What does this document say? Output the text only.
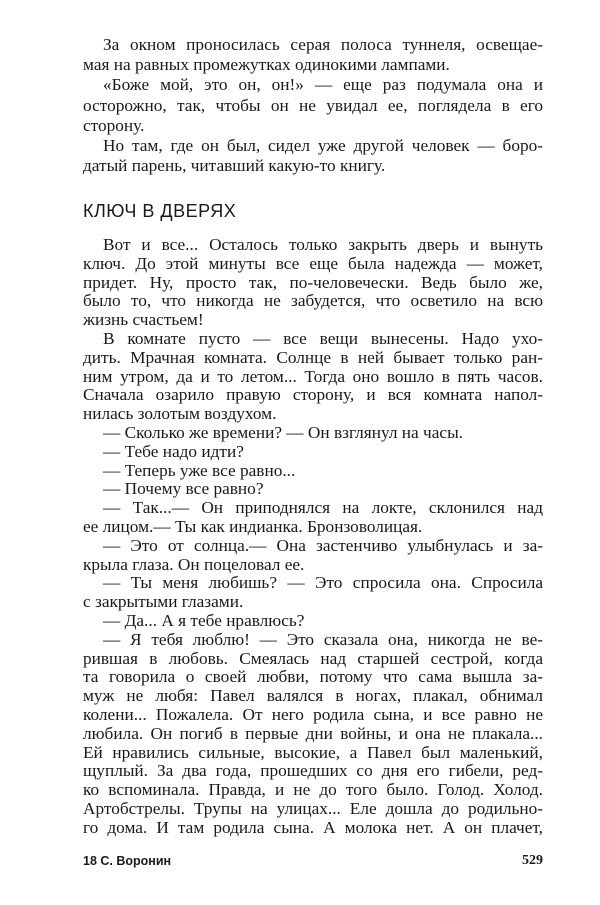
За окном проносилась серая полоса туннеля, освещае-
мая на равных промежутках одинокими лампами.
«Боже мой, это он, он!» — еще раз подумала она и
осторожно, так, чтобы он не увидал ее, поглядела в его
сторону.
Но там, где он был, сидел уже другой человек — боро-
датый парень, читавший какую-то книгу.
КЛЮЧ В ДВЕРЯХ
Вот и все... Осталось только закрыть дверь и вынуть
ключ. До этой минуты все еще была надежда — может,
придет. Ну, просто так, по-человечески. Ведь было же,
было то, что никогда не забудется, что осветило на всю
жизнь счастьем!
В комнате пусто — все вещи вынесены. Надо ухо-
дить. Мрачная комната. Солнце в ней бывает только ран-
ним утром, да и то летом... Тогда оно вошло в пять часов.
Сначала озарило правую сторону, и вся комната напол-
нилась золотым воздухом.
— Сколько же времени? — Он взглянул на часы.
— Тебе надо идти?
— Теперь уже все равно...
— Почему все равно?
— Так...— Он приподнялся на локте, склонился над
ее лицом.— Ты как индианка. Бронзоволицая.
— Это от солнца.— Она застенчиво улыбнулась и за-
крыла глаза. Он поцеловал ее.
— Ты меня любишь? — Это спросила она. Спросила
с закрытыми глазами.
— Да... А я тебе нравлюсь?
— Я тебя люблю! — Это сказала она, никогда не ве-
рившая в любовь. Смеялась над старшей сестрой, когда
та говорила о своей любви, потому что сама вышла за-
муж не любя: Павел валялся в ногах, плакал, обнимал
колени... Пожалела. От него родила сына, и все равно не
любила. Он погиб в первые дни войны, и она не плакала...
Ей нравились сильные, высокие, а Павел был маленький,
щуплый. За два года, прошедших со дня его гибели, ред-
ко вспоминала. Правда, и не до того было. Голод. Холод.
Артобстрелы. Трупы на улицах... Еле дошла до родильно-
го дома. И там родила сына. А молока нет. А он плачет,
18 С. Воронин	529
